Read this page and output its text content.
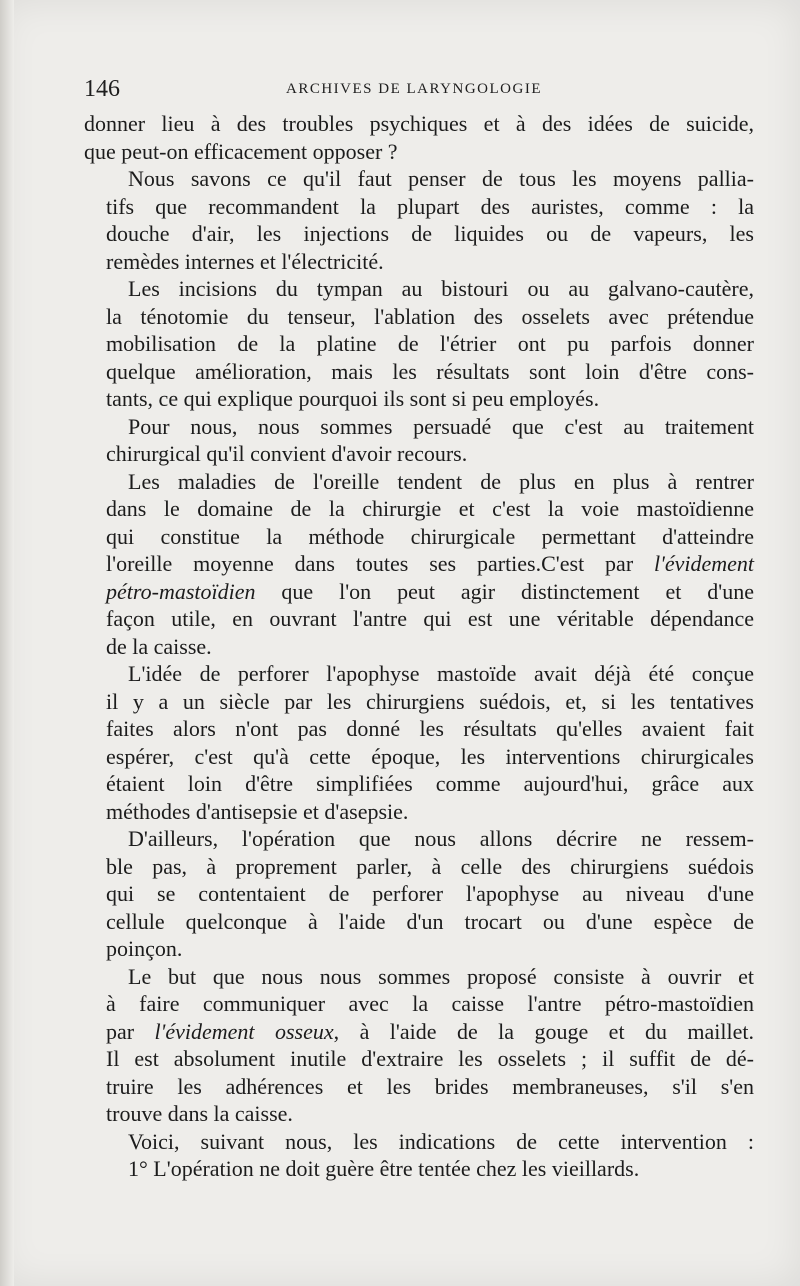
146	ARCHIVES DE LARYNGOLOGIE

donner lieu à des troubles psychiques et à des idées de suicide,
que peut-on efficacement opposer ?

Nous savons ce qu'il faut penser de tous les moyens pallia-
tifs que recommandent la plupart des auristes, comme : la
douche d'air, les injections de liquides ou de vapeurs, les
remèdes internes et l'électricité.

Les incisions du tympan au bistouri ou au galvano-cautère,
la ténotomie du tenseur, l'ablation des osselets avec prétendue
mobilisation de la platine de l'étrier ont pu parfois donner
quelque amélioration, mais les résultats sont loin d'être cons-
tants, ce qui explique pourquoi ils sont si peu employés.

Pour nous, nous sommes persuadé que c'est au traitement
chirurgical qu'il convient d'avoir recours.

Les maladies de l'oreille tendent de plus en plus à rentrer
dans le domaine de la chirurgie et c'est la voie mastoïdienne
qui constitue la méthode chirurgicale permettant d'atteindre
l'oreille moyenne dans toutes ses parties.C'est par l'évidement
pétro-mastoïdien que l'on peut agir distinctement et d'une
façon utile, en ouvrant l'antre qui est une véritable dépendance
de la caisse.

L'idée de perforer l'apophyse mastoïde avait déjà été conçue
il y a un siècle par les chirurgiens suédois, et, si les tentatives
faites alors n'ont pas donné les résultats qu'elles avaient fait
espérer, c'est qu'à cette époque, les interventions chirurgicales
étaient loin d'être simplifiées comme aujourd'hui, grâce aux
méthodes d'antisepsie et d'asepsie.

D'ailleurs, l'opération que nous allons décrire ne ressem-
ble pas, à proprement parler, à celle des chirurgiens suédois
qui se contentaient de perforer l'apophyse au niveau d'une
cellule quelconque à l'aide d'un trocart ou d'une espèce de
poinçon.

Le but que nous nous sommes proposé consiste à ouvrir et
à faire communiquer avec la caisse l'antre pétro-mastoïdien
par l'évidement osseux, à l'aide de la gouge et du maillet.
Il est absolument inutile d'extraire les osselets ; il suffit de dé-
truire les adhérences et les brides membraneuses, s'il s'en
trouve dans la caisse.

Voici, suivant nous, les indications de cette intervention :
1° L'opération ne doit guère être tentée chez les vieillards.
